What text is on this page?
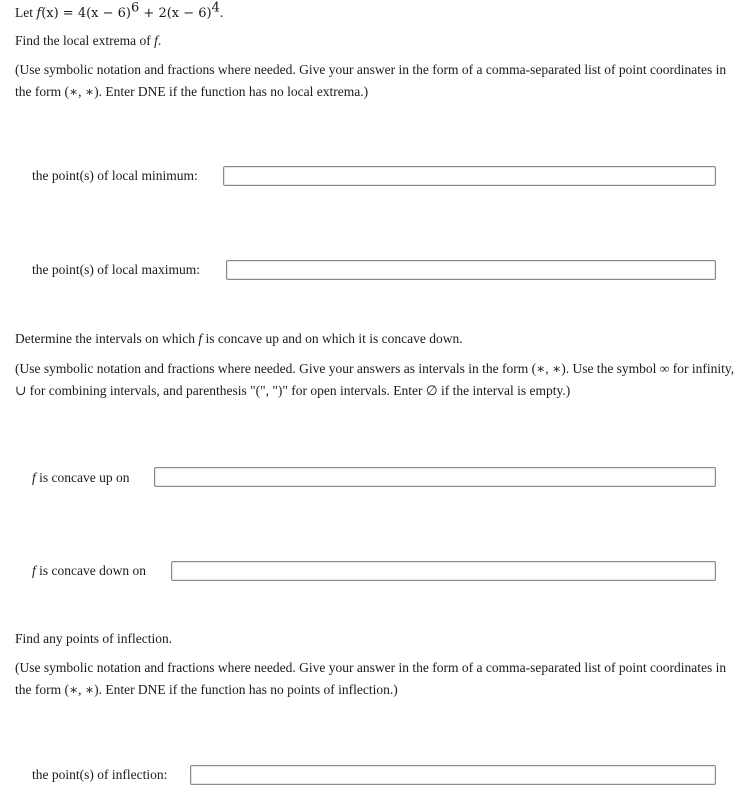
Let $f(x) = 4(x - 6)^6 + 2(x - 6)^4$.
Find the local extrema of f.
(Use symbolic notation and fractions where needed. Give your answer in the form of a comma-separated list of point coordinates in the form (∗, ∗). Enter DNE if the function has no local extrema.)
the point(s) of local minimum:
the point(s) of local maximum:
Determine the intervals on which f is concave up and on which it is concave down.
(Use symbolic notation and fractions where needed. Give your answers as intervals in the form (∗, ∗). Use the symbol ∞ for infinity, ∪ for combining intervals, and parenthesis "(", ")" for open intervals. Enter ∅ if the interval is empty.)
f is concave up on
f is concave down on
Find any points of inflection.
(Use symbolic notation and fractions where needed. Give your answer in the form of a comma-separated list of point coordinates in the form (∗, ∗). Enter DNE if the function has no points of inflection.)
the point(s) of inflection:
